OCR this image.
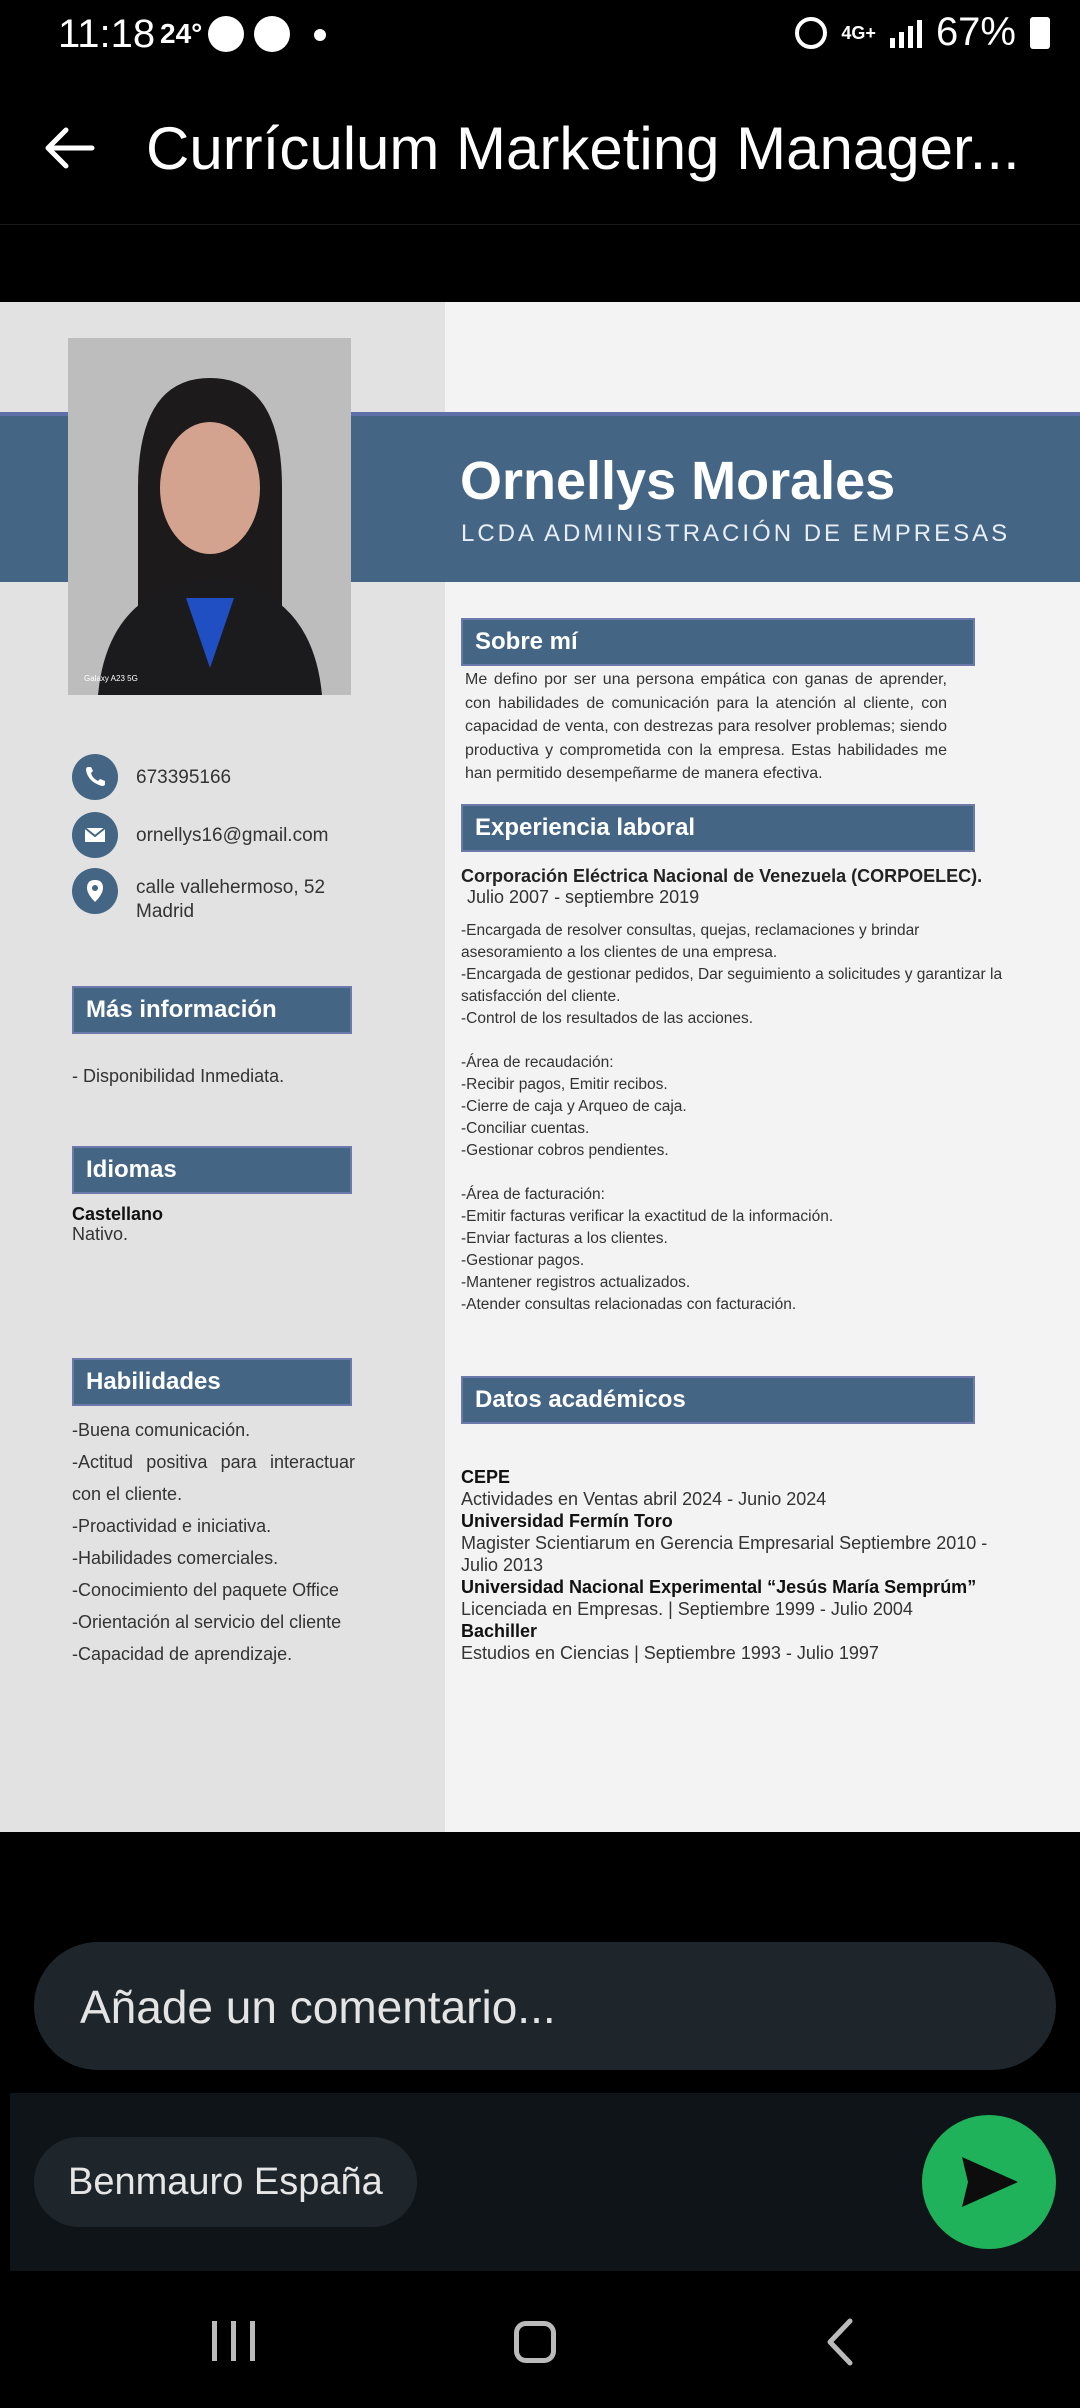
11:18 24°	4G+ 67%
Currículum Marketing Manager...
Galaxy A23 5G
Ornellys Morales
LCDA ADMINISTRACIÓN DE EMPRESAS
673395166
ornellys16@gmail.com
calle vallehermoso, 52
Madrid
Más información
- Disponibilidad Inmediata.
Idiomas
Castellano
Nativo.
Habilidades
-Buena comunicación.
-Actitud positiva para interactuar con el cliente.
-Proactividad e iniciativa.
-Habilidades comerciales.
-Conocimiento del paquete Office
-Orientación al servicio del cliente
-Capacidad de aprendizaje.
Sobre mí
Me defino por ser una persona empática con ganas de aprender, con habilidades de comunicación para la atención al cliente, con capacidad de venta, con destrezas para resolver problemas; siendo productiva y comprometida con la empresa. Estas habilidades me han permitido desempeñarme de manera efectiva.
Experiencia laboral
Corporación Eléctrica Nacional de Venezuela (CORPOELEC).
Julio 2007 - septiembre 2019
-Encargada de resolver consultas, quejas, reclamaciones y brindar asesoramiento a los clientes de una empresa.
-Encargada de gestionar pedidos, Dar seguimiento a solicitudes y garantizar la satisfacción del cliente.
-Control de los resultados de las acciones.
-Área de recaudación:
-Recibir pagos, Emitir recibos.
-Cierre de caja y Arqueo de caja.
-Conciliar cuentas.
-Gestionar cobros pendientes.
-Área de facturación:
-Emitir facturas verificar la exactitud de la información.
-Enviar facturas a los clientes.
-Gestionar pagos.
-Mantener registros actualizados.
-Atender consultas relacionadas con facturación.
Datos académicos
CEPE
Actividades en Ventas abril 2024 - Junio 2024
Universidad Fermín Toro
Magister Scientiarum en Gerencia Empresarial Septiembre 2010 - Julio 2013
Universidad Nacional Experimental “Jesús María Semprúm”
Licenciada en Empresas. | Septiembre 1999 - Julio 2004
Bachiller
Estudios en Ciencias | Septiembre 1993 - Julio 1997
Añade un comentario...
Benmauro España
